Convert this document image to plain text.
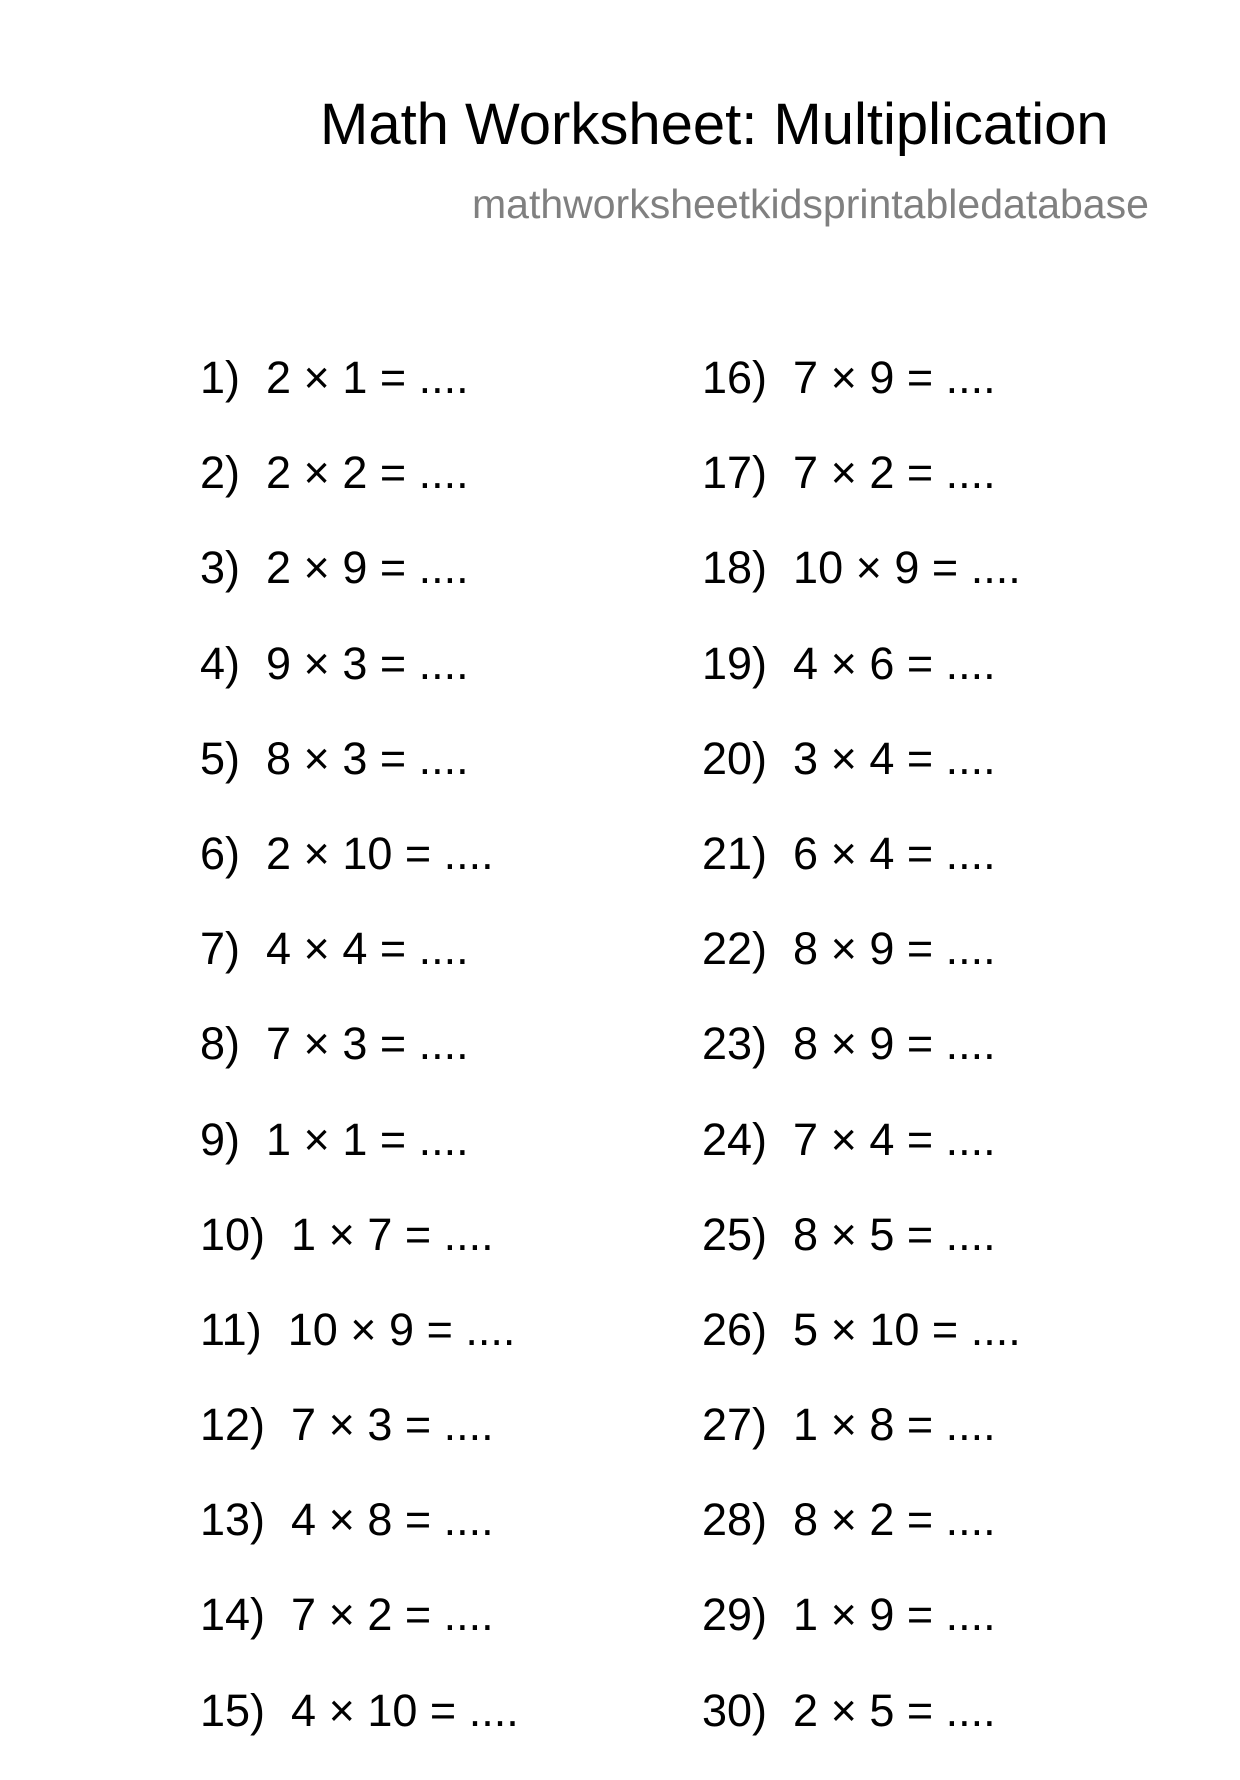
Math Worksheet: Multiplication
mathworksheetkidsprintabledatabase
1) 2 × 1 = ....
2) 2 × 2 = ....
3) 2 × 9 = ....
4) 9 × 3 = ....
5) 8 × 3 = ....
6) 2 × 10 = ....
7) 4 × 4 = ....
8) 7 × 3 = ....
9) 1 × 1 = ....
10) 1 × 7 = ....
11) 10 × 9 = ....
12) 7 × 3 = ....
13) 4 × 8 = ....
14) 7 × 2 = ....
15) 4 × 10 = ....
16) 7 × 9 = ....
17) 7 × 2 = ....
18) 10 × 9 = ....
19) 4 × 6 = ....
20) 3 × 4 = ....
21) 6 × 4 = ....
22) 8 × 9 = ....
23) 8 × 9 = ....
24) 7 × 4 = ....
25) 8 × 5 = ....
26) 5 × 10 = ....
27) 1 × 8 = ....
28) 8 × 2 = ....
29) 1 × 9 = ....
30) 2 × 5 = ....
